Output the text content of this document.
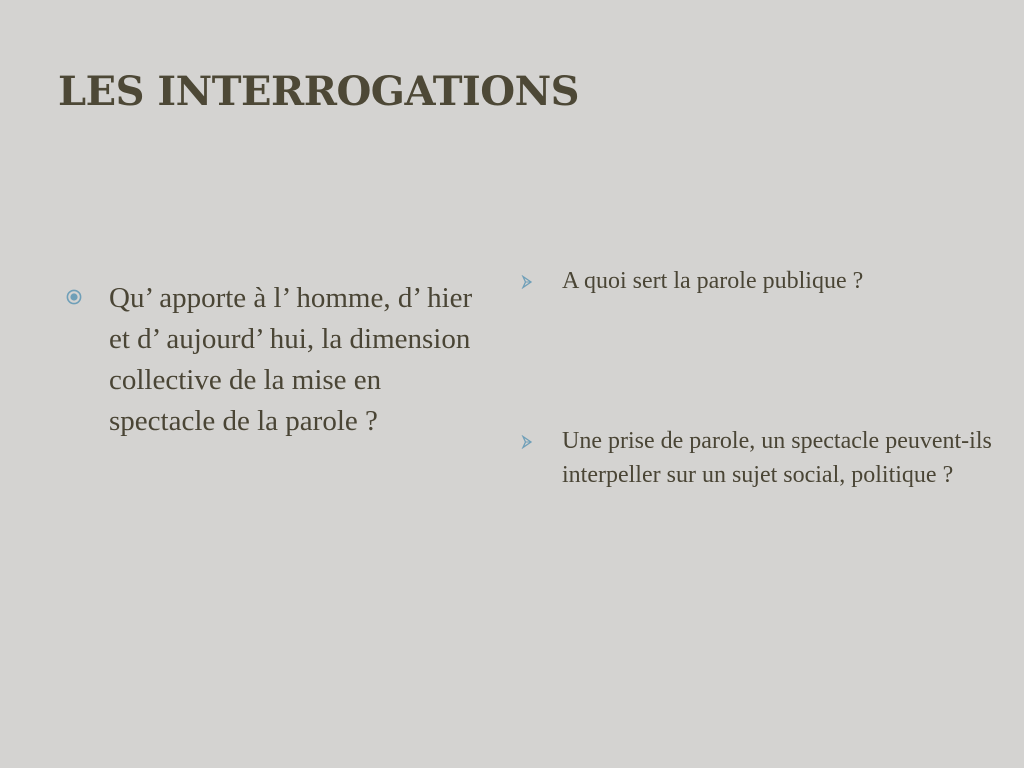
LES INTERROGATIONS
Qu’ apporte à l’ homme, d’ hier et d’ aujourd’ hui, la dimension collective de la mise en spectacle de la parole ?
A quoi sert la parole publique ?
Une prise de parole, un spectacle peuvent-ils interpeller sur un sujet social, politique ?
